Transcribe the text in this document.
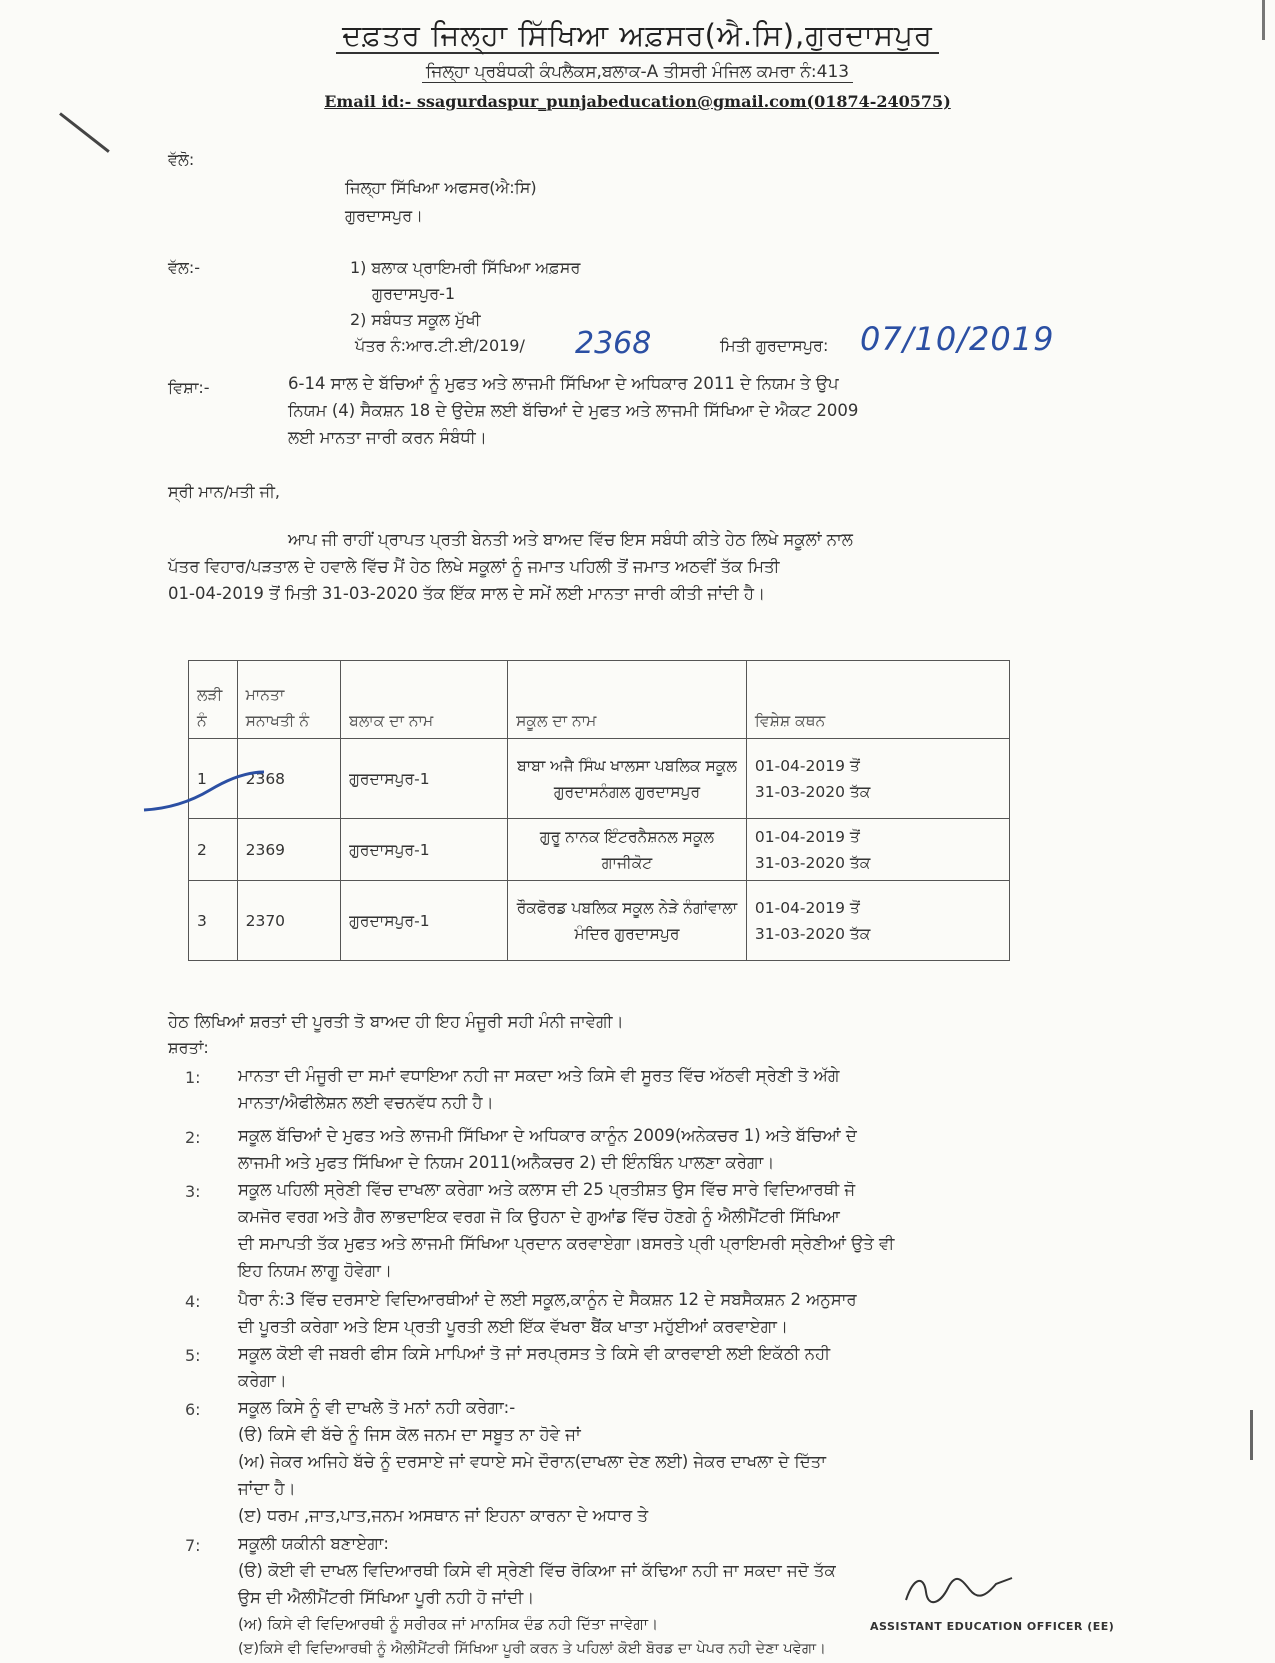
ਦਫ਼ਤਰ ਜਿਲ੍ਹਾ ਸਿੱਖਿਆ ਅਫ਼ਸਰ(ਐ.ਸਿ),ਗੁਰਦਾਸਪੁਰ
ਜਿਲ੍ਹਾ ਪ੍ਰਬੰਧਕੀ ਕੰਪਲੈਕਸ,ਬਲਾਕ-A ਤੀਸਰੀ ਮੰਜਿਲ ਕਮਰਾ ਨੰ:413
Email id:- ssagurdaspur_punjabeducation@gmail.com(01874-240575)
ਵੱਲੋ:
ਜਿਲ੍ਹਾ ਸਿੱਖਿਆ ਅਫਸਰ(ਐ:ਸਿ)
ਗੁਰਦਾਸਪੁਰ।
ਵੱਲ:-	1) ਬਲਾਕ ਪ੍ਰਾਇਮਰੀ ਸਿੱਖਿਆ ਅਫ਼ਸਰ
ਗੁਰਦਾਸਪੁਰ-1
2) ਸਬੰਧਤ ਸਕੂਲ ਮੁੱਖੀ
ਪੱਤਰ ਨੰ:ਆਰ.ਟੀ.ਈ/2019/ 2368	ਮਿਤੀ ਗੁਰਦਾਸਪੁਰ: 07/10/2019
ਵਿਸ਼ਾ:-	6-14 ਸਾਲ ਦੇ ਬੱਚਿਆਂ ਨੂੰ ਮੁਫਤ ਅਤੇ ਲਾਜਮੀ ਸਿੱਖਿਆ ਦੇ ਅਧਿਕਾਰ 2011 ਦੇ ਨਿਯਮ ਤੇ ਉਪ
ਨਿਯਮ (4) ਸੈਕਸ਼ਨ 18 ਦੇ ਉਦੇਸ਼ ਲਈ ਬੱਚਿਆਂ ਦੇ ਮੁਫਤ ਅਤੇ ਲਾਜਮੀ ਸਿੱਖਿਆ ਦੇ ਐਕਟ 2009
ਲਈ ਮਾਨਤਾ ਜਾਰੀ ਕਰਨ ਸੰਬੰਧੀ।
ਸ੍ਰੀ ਮਾਨ/ਮਤੀ ਜੀ,
ਆਪ ਜੀ ਰਾਹੀਂ ਪ੍ਰਾਪਤ ਪ੍ਰਤੀ ਬੇਨਤੀ ਅਤੇ ਬਾਅਦ ਵਿੱਚ ਇਸ ਸਬੰਧੀ ਕੀਤੇ ਹੇਠ ਲਿਖੇ ਸਕੂਲਾਂ ਨਾਲ
ਪੱਤਰ ਵਿਹਾਰ/ਪੜਤਾਲ ਦੇ ਹਵਾਲੇ ਵਿੱਚ ਮੈਂ ਹੇਠ ਲਿਖੇ ਸਕੂਲਾਂ ਨੂੰ ਜਮਾਤ ਪਹਿਲੀ ਤੋਂ ਜਮਾਤ ਅਠਵੀਂ ਤੱਕ ਮਿਤੀ
01-04-2019 ਤੋਂ ਮਿਤੀ 31-03-2020 ਤੱਕ ਇੱਕ ਸਾਲ ਦੇ ਸਮੇਂ ਲਈ ਮਾਨਤਾ ਜਾਰੀ ਕੀਤੀ ਜਾਂਦੀ ਹੈ।
ਲੜੀ ਨੰ	ਮਾਨਤਾ ਸਨਾਖਤੀ ਨੰ	ਬਲਾਕ ਦਾ ਨਾਮ	ਸਕੂਲ ਦਾ ਨਾਮ	ਵਿਸ਼ੇਸ਼ ਕਥਨ
1	2368	ਗੁਰਦਾਸਪੁਰ-1	ਬਾਬਾ ਅਜੈ ਸਿੰਘ ਖਾਲਸਾ ਪਬਲਿਕ ਸਕੂਲ ਗੁਰਦਾਸਨੰਗਲ ਗੁਰਦਾਸਪੁਰ	01-04-2019 ਤੋਂ
31-03-2020 ਤੱਕ

2	2369	ਗੁਰਦਾਸਪੁਰ-1	ਗੁਰੂ ਨਾਨਕ ਇੰਟਰਨੈਸ਼ਨਲ ਸਕੂਲ ਗਾਜੀਕੋਟ	01-04-2019 ਤੋਂ
31-03-2020 ਤੱਕ

3	2370	ਗੁਰਦਾਸਪੁਰ-1	ਰੌਕਫੋਰਡ ਪਬਲਿਕ ਸਕੂਲ ਨੇੜੇ ਨੰਗਾਂਵਾਲਾ ਮੰਦਿਰ ਗੁਰਦਾਸਪੁਰ	01-04-2019 ਤੋਂ
31-03-2020 ਤੱਕ
ਹੇਠ ਲਿਖਿਆਂ ਸ਼ਰਤਾਂ ਦੀ ਪੂਰਤੀ ਤੋ ਬਾਅਦ ਹੀ ਇਹ ਮੰਜੂਰੀ ਸਹੀ ਮੰਨੀ ਜਾਵੇਗੀ।
ਸ਼ਰਤਾਂ:
1: ਮਾਨਤਾ ਦੀ ਮੰਜੂਰੀ ਦਾ ਸਮਾਂ ਵਧਾਇਆ ਨਹੀ ਜਾ ਸਕਦਾ ਅਤੇ ਕਿਸੇ ਵੀ ਸੂਰਤ ਵਿੱਚ ਅੱਠਵੀ ਸ੍ਰੇਣੀ ਤੋ ਅੱਗੇ
ਮਾਨਤਾ/ਐਫੀਲੇਸ਼ਨ ਲਈ ਵਚਨਵੱਧ ਨਹੀ ਹੈ।
2: ਸਕੂਲ ਬੱਚਿਆਂ ਦੇ ਮੁਫਤ ਅਤੇ ਲਾਜਮੀ ਸਿੱਖਿਆ ਦੇ ਅਧਿਕਾਰ ਕਾਨੂੰਨ 2009(ਅਨੇਕਚਰ 1) ਅਤੇ ਬੱਚਿਆਂ ਦੇ
ਲਾਜਮੀ ਅਤੇ ਮੁਫਤ ਸਿੱਖਿਆ ਦੇ ਨਿਯਮ 2011(ਅਨੈਕਚਰ 2) ਦੀ ਇੰਨਬਿੰਨ ਪਾਲਣਾ ਕਰੇਗਾ।
3: ਸਕੂਲ ਪਹਿਲੀ ਸ੍ਰੇਣੀ ਵਿੱਚ ਦਾਖਲਾ ਕਰੇਗਾ ਅਤੇ ਕਲਾਸ ਦੀ 25 ਪ੍ਰਤੀਸ਼ਤ ਉਸ ਵਿੱਚ ਸਾਰੇ ਵਿਦਿਆਰਥੀ ਜੋ
ਕਮਜੋਰ ਵਰਗ ਅਤੇ ਗੈਰ ਲਾਭਦਾਇਕ ਵਰਗ ਜੋ ਕਿ ਉਹਨਾ ਦੇ ਗੁਆਂਡ ਵਿੱਚ ਹੋਣਗੇ ਨੂੰ ਐਲੀਮੈਂਟਰੀ ਸਿੱਖਿਆ
ਦੀ ਸਮਾਪਤੀ ਤੱਕ ਮੁਫਤ ਅਤੇ ਲਾਜਮੀ ਸਿੱਖਿਆ ਪ੍ਰਦਾਨ ਕਰਵਾਏਗਾ।ਬਸਰਤੇ ਪ੍ਰੀ ਪ੍ਰਾਇਮਰੀ ਸ੍ਰੇਣੀਆਂ ਉਤੇ ਵੀ
ਇਹ ਨਿਯਮ ਲਾਗੂ ਹੋਵੇਗਾ।
4: ਪੈਰਾ ਨੰ:3 ਵਿੱਚ ਦਰਸਾਏ ਵਿਦਿਆਰਥੀਆਂ ਦੇ ਲਈ ਸਕੂਲ,ਕਾਨੂੰਨ ਦੇ ਸੈਕਸ਼ਨ 12 ਦੇ ਸਬਸੈਕਸ਼ਨ 2 ਅਨੁਸਾਰ
ਦੀ ਪੂਰਤੀ ਕਰੇਗਾ ਅਤੇ ਇਸ ਪ੍ਰਤੀ ਪੂਰਤੀ ਲਈ ਇੱਕ ਵੱਖਰਾ ਬੈਂਕ ਖਾਤਾ ਮਹੁੱਈਆਂ ਕਰਵਾਏਗਾ।
5: ਸਕੂਲ ਕੋਈ ਵੀ ਜਬਰੀ ਫੀਸ ਕਿਸੇ ਮਾਪਿਆਂ ਤੋ ਜਾਂ ਸਰਪ੍ਰਸਤ ਤੇ ਕਿਸੇ ਵੀ ਕਾਰਵਾਈ ਲਈ ਇਕੱਠੀ ਨਹੀ
ਕਰੇਗਾ।
6: ਸਕੂਲ ਕਿਸੇ ਨੂੰ ਵੀ ਦਾਖਲੇ ਤੋ ਮਨਾਂ ਨਹੀ ਕਰੇਗਾ:-
(ੳ) ਕਿਸੇ ਵੀ ਬੱਚੇ ਨੂੰ ਜਿਸ ਕੋਲ ਜਨਮ ਦਾ ਸਬੂਤ ਨਾ ਹੋਵੇ ਜਾਂ
(ਅ) ਜੇਕਰ ਅਜਿਹੇ ਬੱਚੇ ਨੂੰ ਦਰਸਾਏ ਜਾਂ ਵਧਾਏ ਸਮੇ ਦੌਰਾਨ(ਦਾਖਲਾ ਦੇਣ ਲਈ) ਜੇਕਰ ਦਾਖਲਾ ਦੇ ਦਿੱਤਾ
ਜਾਂਦਾ ਹੈ।
(ੲ) ਧਰਮ ,ਜਾਤ,ਪਾਤ,ਜਨਮ ਅਸਥਾਨ ਜਾਂ ਇਹਨਾ ਕਾਰਨਾ ਦੇ ਅਧਾਰ ਤੇ
7: ਸਕੂਲੀ ਯਕੀਨੀ ਬਣਾਏਗਾ:
(ੳ) ਕੋਈ ਵੀ ਦਾਖਲ ਵਿਦਿਆਰਥੀ ਕਿਸੇ ਵੀ ਸ੍ਰੇਣੀ ਵਿੱਚ ਰੋਕਿਆ ਜਾਂ ਕੱਢਿਆ ਨਹੀ ਜਾ ਸਕਦਾ ਜਦੋ ਤੱਕ
ਉਸ ਦੀ ਐਲੀਮੈਂਟਰੀ ਸਿੱਖਿਆ ਪੂਰੀ ਨਹੀ ਹੋ ਜਾਂਦੀ।
(ਅ) ਕਿਸੇ ਵੀ ਵਿਦਿਆਰਥੀ ਨੂੰ ਸਰੀਰਕ ਜਾਂ ਮਾਨਸਿਕ ਦੰਡ ਨਹੀ ਦਿੱਤਾ ਜਾਵੇਗਾ।
(ੲ)ਕਿਸੇ ਵੀ ਵਿਦਿਆਰਥੀ ਨੂੰ ਐਲੀਮੈਂਟਰੀ ਸਿੱਖਿਆ ਪੂਰੀ ਕਰਨ ਤੇ ਪਹਿਲਾਂ ਕੋਈ ਬੋਰਡ ਦਾ ਪੇਪਰ ਨਹੀ ਦੇਣਾ ਪਵੇਗਾ।
ASSISTANT EDUCATION OFFICER (EE)
